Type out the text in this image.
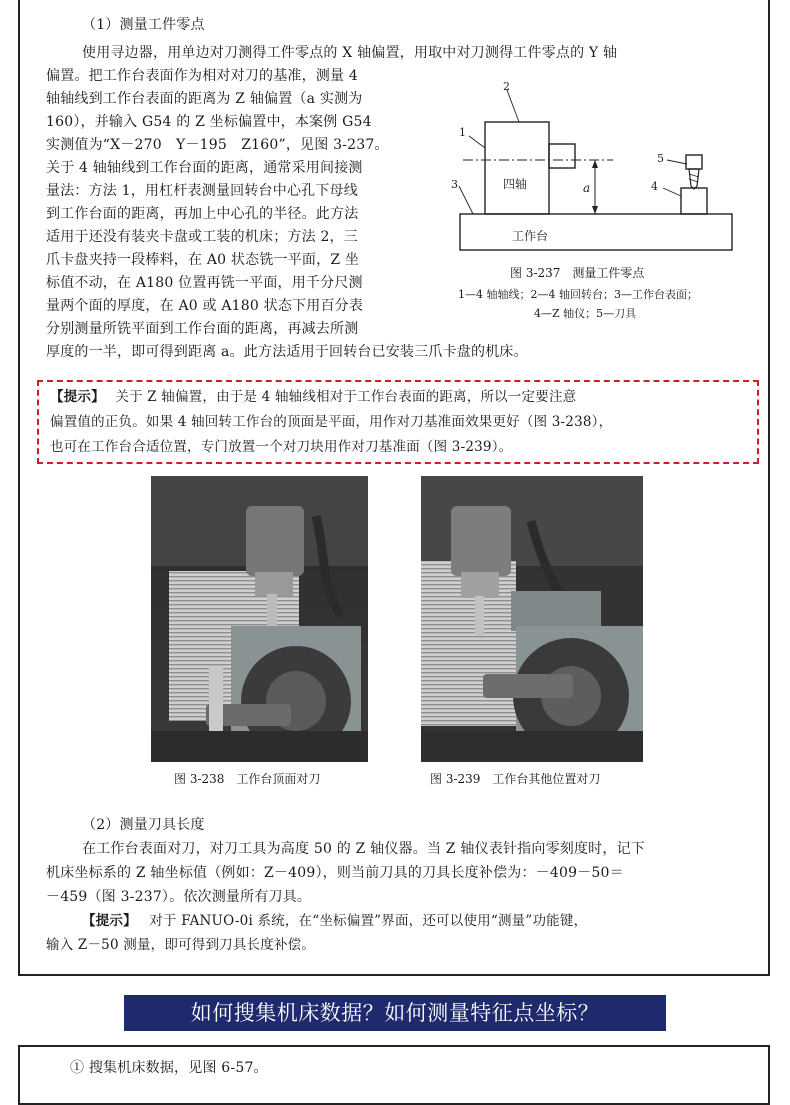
（1）测量工件零点
使用寻边器，用单边对刀测得工件零点的 X 轴偏置，用取中对刀测得工件零点的 Y 轴
偏置。把工作台表面作为相对对刀的基准，测量 4
轴轴线到工作台表面的距离为 Z 轴偏置（a 实测为
160），并输入 G54 的 Z 坐标偏置中，本案例 G54
实测值为“X－270　Y－195　Z160”，见图 3-237。
关于 4 轴轴线到工作台面的距离，通常采用间接测
量法：方法 1，用杠杆表测量回转台中心孔下母线
到工作台面的距离，再加上中心孔的半径。此方法
适用于还没有装夹卡盘或工装的机床；方法 2，三
爪卡盘夹持一段棒料，在 A0 状态铣一平面，Z 坐
标值不动，在 A180 位置再铣一平面，用千分尺测
量两个面的厚度，在 A0 或 A180 状态下用百分表
分别测量所铣平面到工作台面的距离，再减去所测
厚度的一半，即可得到距离 a。此方法适用于回转台已安装三爪卡盘的机床。
1
2
3	4
5
四轴
工作台
a
图 3-237　测量工件零点
1—4 轴轴线；2—4 轴回转台；3—工作台表面；
4—Z 轴仪；5—刀具
【提示】 关于 Z 轴偏置，由于是 4 轴轴线相对于工作台表面的距离，所以一定要注意
偏置值的正负。如果 4 轴回转工作台的顶面是平面，用作对刀基准面效果更好（图 3-238），
也可在工作台合适位置，专门放置一个对刀块用作对刀基准面（图 3-239）。
图 3-238　工作台顶面对刀	图 3-239　工作台其他位置对刀
（2）测量刀具长度
在工作台表面对刀，对刀工具为高度 50 的 Z 轴仪器。当 Z 轴仪表针指向零刻度时，记下
机床坐标系的 Z 轴坐标值（例如：Z－409），则当前刀具的刀具长度补偿为：－409－50＝
－459（图 3-237）。依次测量所有刀具。
【提示】 对于 FANUO-0i 系统，在“坐标偏置”界面，还可以使用“测量”功能键，
输入 Z－50 测量，即可得到刀具长度补偿。
如何搜集机床数据？如何测量特征点坐标？
① 搜集机床数据，见图 6-57。
